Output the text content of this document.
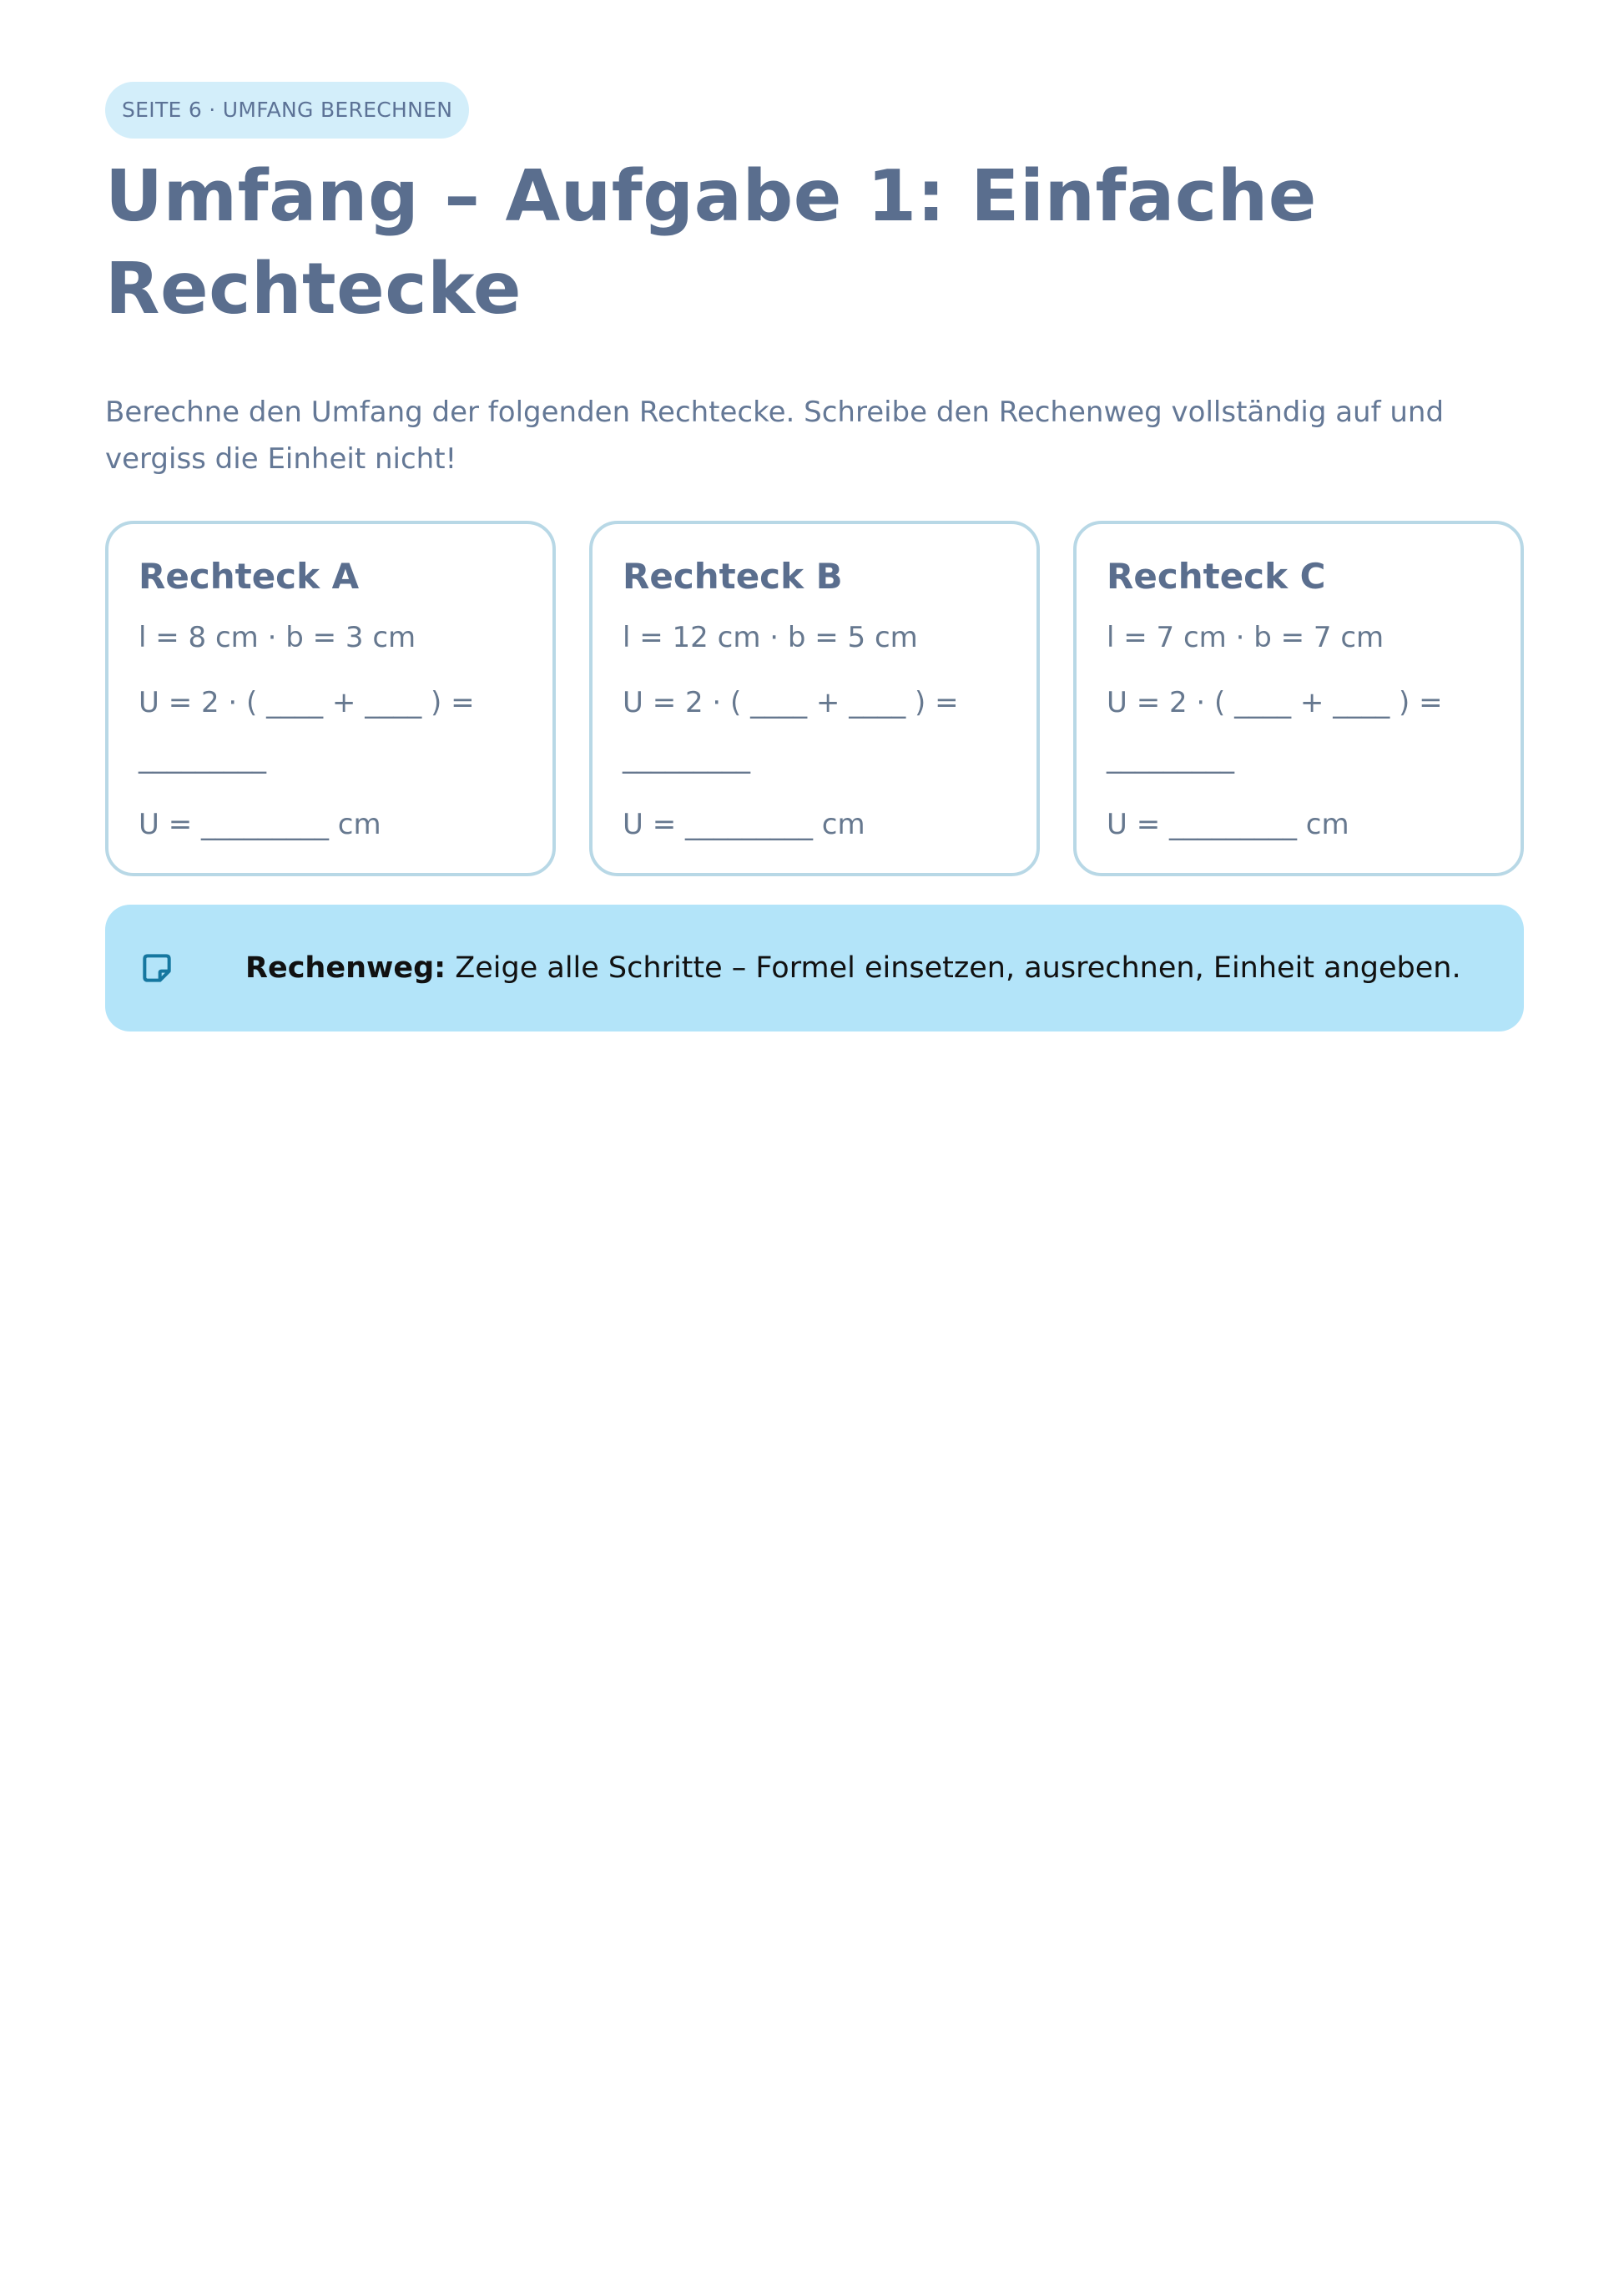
SEITE 6 · UMFANG BERECHNEN
Umfang – Aufgabe 1: Einfache Rechtecke

Berechne den Umfang der folgenden Rechtecke. Schreibe den Rechenweg vollständig auf und vergiss die Einheit nicht!

Rechteck A
l = 8 cm · b = 3 cm
U = 2 · ( ____ + ____ ) =
_________
U = _________ cm
Rechteck B
l = 12 cm · b = 5 cm
U = 2 · ( ____ + ____ ) =
_________
U = _________ cm
Rechteck C
l = 7 cm · b = 7 cm
U = 2 · ( ____ + ____ ) =
_________
U = _________ cm
Rechenweg: Zeige alle Schritte – Formel einsetzen, ausrechnen, Einheit angeben.
